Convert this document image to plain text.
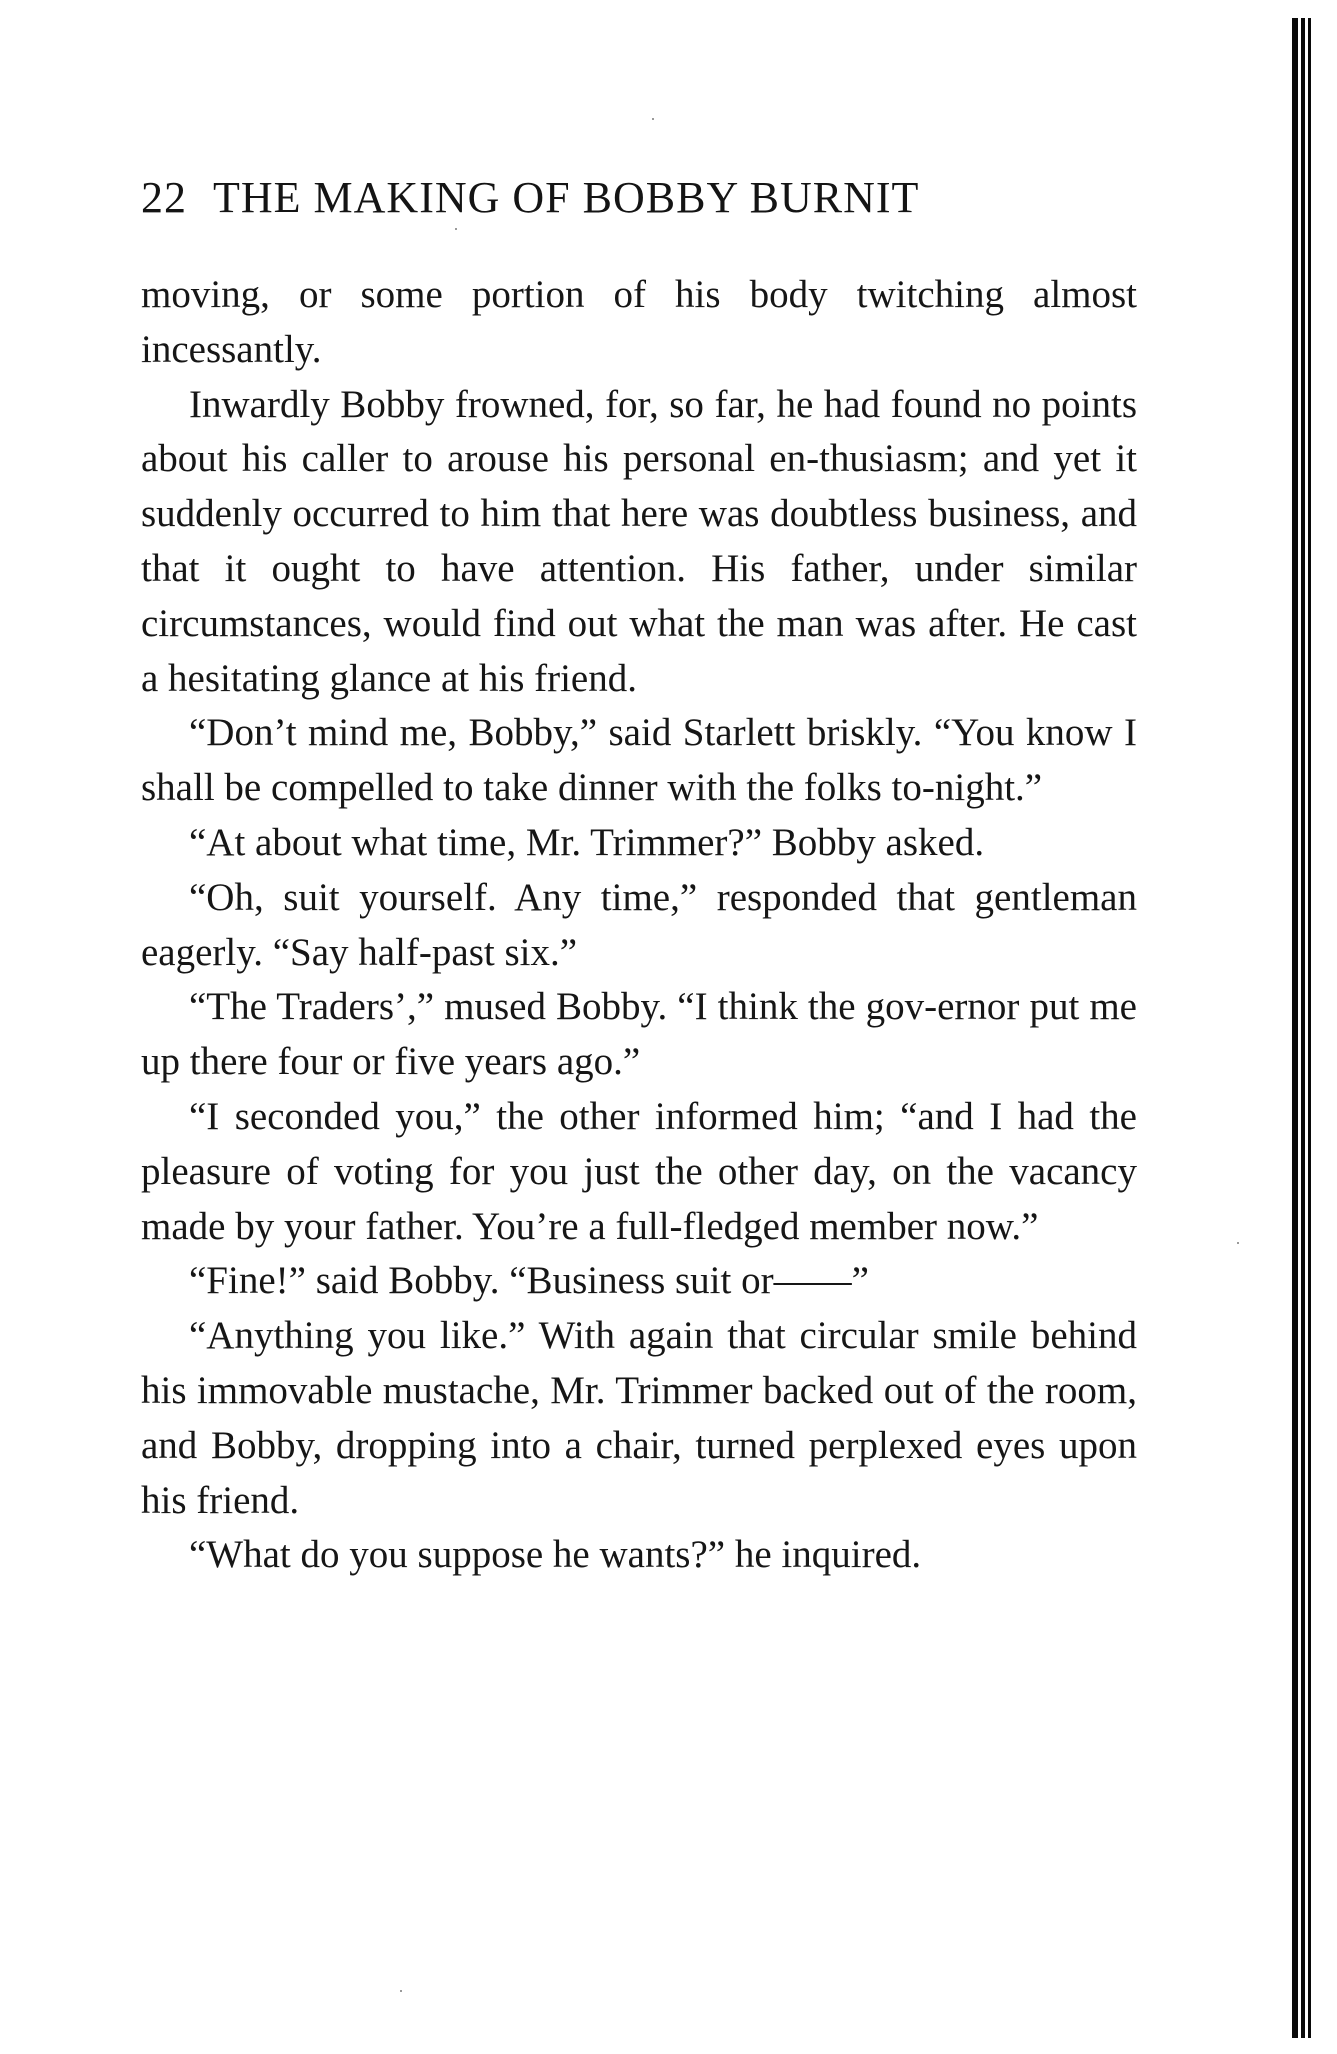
22 THE MAKING OF BOBBY BURNIT

moving, or some portion of his body twitching almost incessantly.

Inwardly Bobby frowned, for, so far, he had found no points about his caller to arouse his personal en-thusiasm; and yet it suddenly occurred to him that here was doubtless business, and that it ought to have attention. His father, under similar circumstances, would find out what the man was after. He cast a hesitating glance at his friend.

“Don’t mind me, Bobby,” said Starlett briskly. “You know I shall be compelled to take dinner with the folks to-night.”

“At about what time, Mr. Trimmer?” Bobby asked.

“Oh, suit yourself. Any time,” responded that gentleman eagerly. “Say half-past six.”

“The Traders’,” mused Bobby. “I think the gov-ernor put me up there four or five years ago.”

“I seconded you,” the other informed him; “and I had the pleasure of voting for you just the other day, on the vacancy made by your father. You’re a full-fledged member now.”

“Fine!” said Bobby. “Business suit or——”

“Anything you like.” With again that circular smile behind his immovable mustache, Mr. Trimmer backed out of the room, and Bobby, dropping into a chair, turned perplexed eyes upon his friend.

“What do you suppose he wants?” he inquired.
